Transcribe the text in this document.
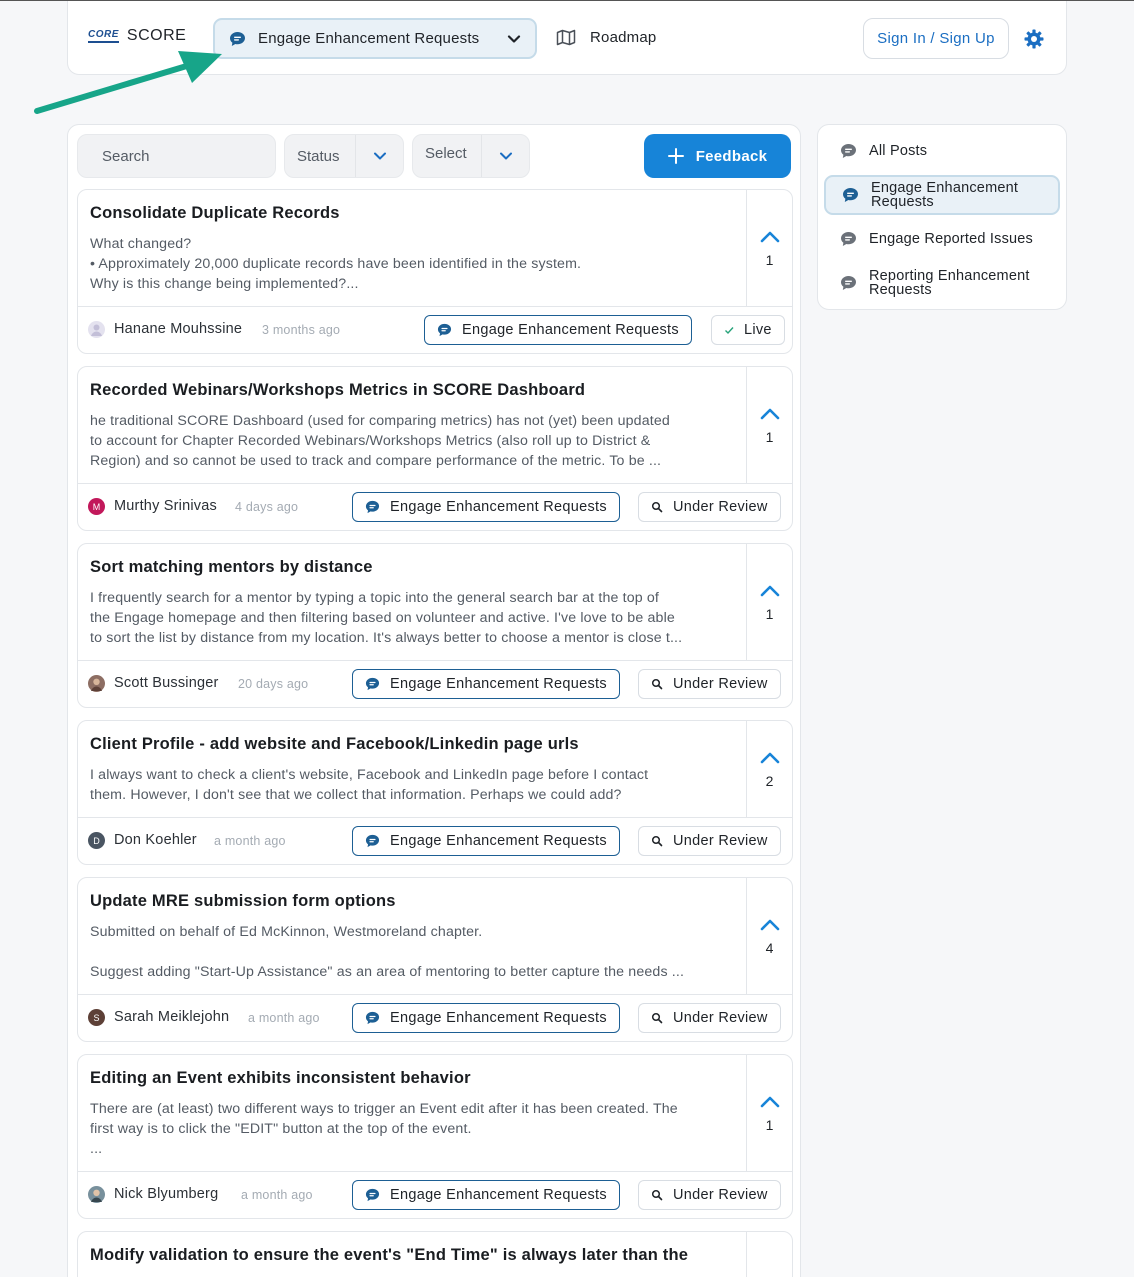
CORE SCORE	Engage Enhancement Requests	Roadmap	Sign In / Sign Up
Search	Status	Select	Feedback
Consolidate Duplicate Records
What changed?
• Approximately 20,000 duplicate records have been identified in the system.
Why is this change being implemented?...
1
Hanane Mouhssine 3 months ago	Engage Enhancement Requests	Live
Recorded Webinars/Workshops Metrics in SCORE Dashboard
he traditional SCORE Dashboard (used for comparing metrics) has not (yet) been updated
to account for Chapter Recorded Webinars/Workshops Metrics (also roll up to District &
Region) and so cannot be used to track and compare performance of the metric. To be ...
1
M Murthy Srinivas 4 days ago	Engage Enhancement Requests	Under Review
Sort matching mentors by distance
I frequently search for a mentor by typing a topic into the general search bar at the top of
the Engage homepage and then filtering based on volunteer and active. I've love to be able
to sort the list by distance from my location. It's always better to choose a mentor is close t...
1
Scott Bussinger 20 days ago	Engage Enhancement Requests	Under Review
Client Profile - add website and Facebook/Linkedin page urls
I always want to check a client's website, Facebook and LinkedIn page before I contact
them. However, I don't see that we collect that information. Perhaps we could add?
2
D Don Koehler a month ago	Engage Enhancement Requests	Under Review
Update MRE submission form options
Submitted on behalf of Ed McKinnon, Westmoreland chapter.
Suggest adding "Start-Up Assistance" as an area of mentoring to better capture the needs ...
4
S	Sarah Meiklejohn a month ago	Engage Enhancement Requests	Under Review
Editing an Event exhibits inconsistent behavior
There are (at least) two different ways to trigger an Event edit after it has been created. The
first way is to click the "EDIT" button at the top of the event.
...
1
Nick Blyumberg a month ago	Engage Enhancement Requests	Under Review
Modify validation to ensure the event's "End Time" is always later than the
All Posts
Engage Enhancement Requests
Engage Reported Issues
Reporting Enhancement Requests
